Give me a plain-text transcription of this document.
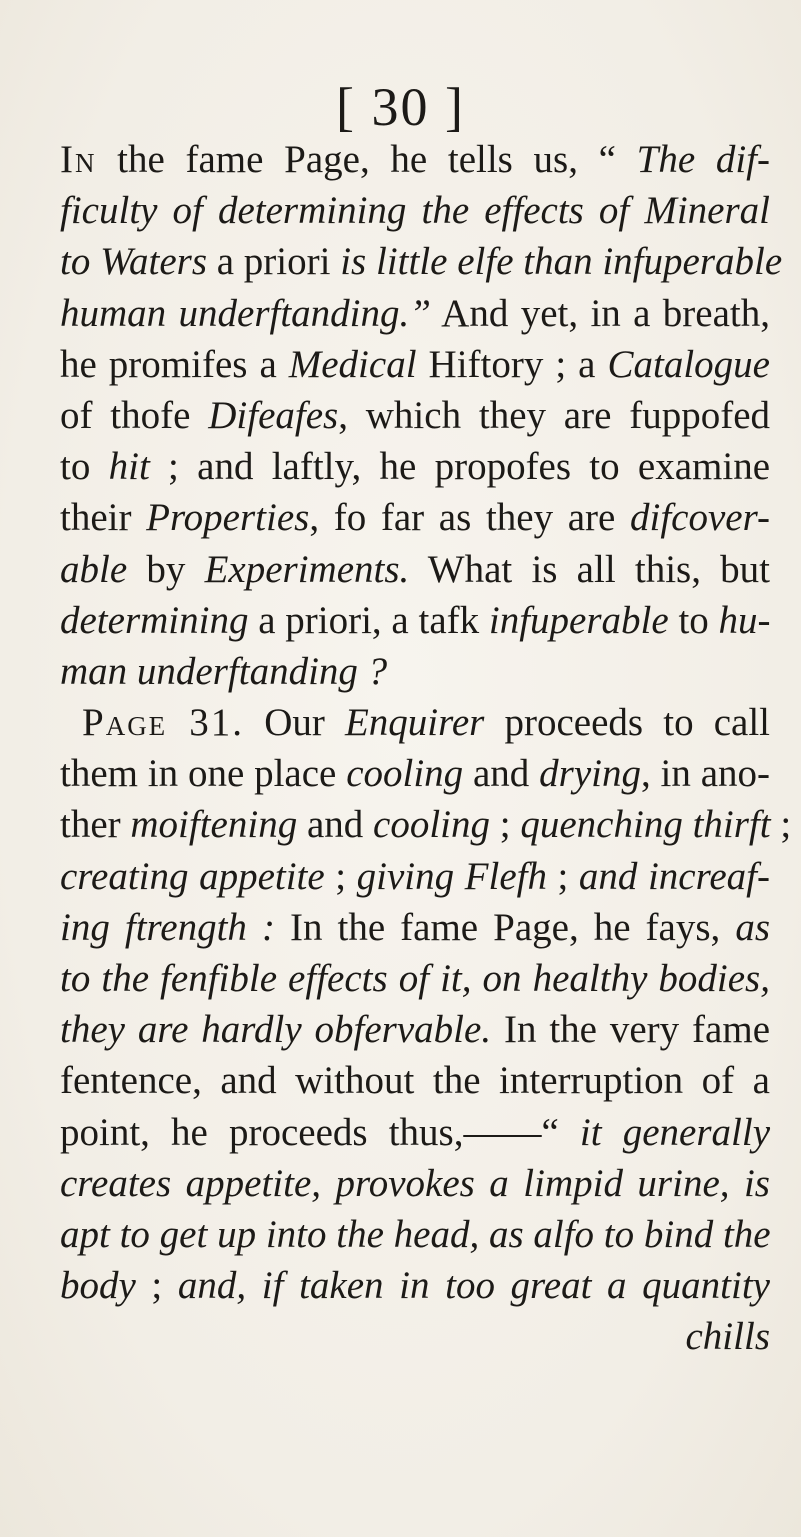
[ 30 ]
In the fame Page, he tells us, “ The dif-
ficulty of determining the effects of Mineral
to Waters a priori is little elfe than infuperable
human underftanding.” And yet, in a breath,
he promifes a Medical Hiftory ; a Catalogue
of thofe Difeafes, which they are fuppofed
to hit ; and laftly, he propofes to examine
their Properties, fo far as they are difcover-
able by Experiments. What is all this, but
determining a priori, a tafk infuperable to hu-
man underftanding ?
Page 31. Our Enquirer proceeds to call
them in one place cooling and drying, in ano-
ther moiftening and cooling ; quenching thirft ;
creating appetite ; giving Flefh ; and increaf-
ing ftrength : In the fame Page, he fays, as
to the fenfible effects of it, on healthy bodies,
they are hardly obfervable. In the very fame
fentence, and without the interruption of a
point, he proceeds thus,——“ it generally
creates appetite, provokes a limpid urine, is
apt to get up into the head, as alfo to bind the
body ; and, if taken in too great a quantity
chills
